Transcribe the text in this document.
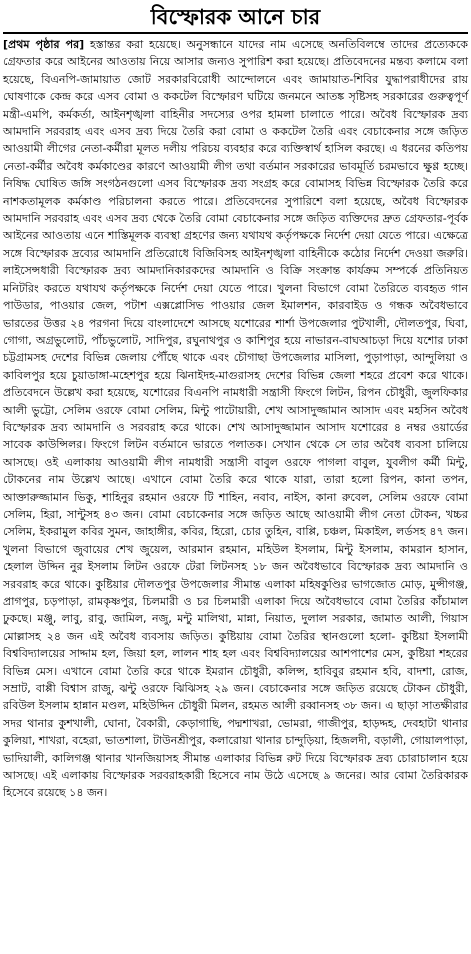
বিস্ফোরক আনে চার

[প্রথম পৃষ্ঠার পর] হস্তান্তর করা হয়েছে। অনুসন্ধানে যাদের নাম এসেছে অনতিবিলম্বে তাদের প্রত্যেককে গ্রেফতার করে আইনের আওতায় নিয়ে আসার জন্যও সুপারিশ করা হয়েছে। প্রতিবেদনের মন্তব্য কলামে বলা হয়েছে, বিএনপি-জামায়াত জোট সরকারবিরোধী আন্দোলনে এবং জামায়াত-শিবির যুদ্ধাপরাধীদের রায় ঘোষণাকে কেন্দ্র করে এসব বোমা ও ককটেল বিস্ফোরণ ঘটিয়ে জনমনে আতঙ্ক সৃষ্টিসহ সরকারের গুরুত্বপূর্ণ মন্ত্রী-এমপি, কর্মকর্তা, আইনশৃঙ্খলা বাহিনীর সদস্যের ওপর হামলা চালাতে পারে। অবৈধ বিস্ফোরক দ্রব্য আমদানি সরবরাহ এবং এসব দ্রব্য দিয়ে তৈরি করা বোমা ও ককটেল তৈরি এবং বেচাকেনার সঙ্গে জড়িত আওয়ামী লীগের নেতা-কর্মীরা মূলত দলীয় পরিচয় ব্যবহার করে ব্যক্তিস্বার্থ হাসিল করছে। এ ধরনের কতিপয় নেতা-কর্মীর অবৈধ কর্মকাণ্ডের কারণে আওয়ামী লীগ তথা বর্তমান সরকারের ভাবমূর্তি চরমভাবে ক্ষুণ্ণ হচ্ছে। নিষিদ্ধ ঘোষিত জঙ্গি সংগঠনগুলো এসব বিস্ফোরক দ্রব্য সংগ্রহ করে বোমাসহ বিভিন্ন বিস্ফোরক তৈরি করে নাশকতামূলক কর্মকাণ্ড পরিচালনা করতে পারে। প্রতিবেদনের সুপারিশে বলা হয়েছে, অবৈধ বিস্ফোরক আমদানি সরবরাহ এবং এসব দ্রব্য থেকে তৈরি বোমা বেচাকেনার সঙ্গে জড়িত ব্যক্তিদের দ্রুত গ্রেফতার-পূর্বক আইনের আওতায় এনে শাস্তিমূলক ব্যবস্থা গ্রহণের জন্য যথাযথ কর্তৃপক্ষকে নির্দেশ দেয়া যেতে পারে। এক্ষেত্রে সঙ্গে বিস্ফোরক দ্রব্যের আমদানি প্রতিরোধে বিজিবিসহ আইনশৃঙ্খলা বাহিনীকে কঠোর নির্দেশ দেওয়া জরুরি। লাইসেন্সধারী বিস্ফোরক দ্রব্য আমদানিকারকদের আমদানি ও বিক্রি সংক্রান্ত কার্যক্রম সম্পর্কে প্রতিনিয়ত মনিটরিং করতে যথাযথ কর্তৃপক্ষকে নির্দেশ দেয়া যেতে পারে। খুলনা বিভাগে বোমা তৈরিতে ব্যবহৃত গান পাউডার, পাওয়ার জেল, পটাশ এক্সপ্লোসিভ পাওয়ার জেল ইমালশন, কারবাইড ও গন্ধক অবৈধভাবে ভারতের উত্তর ২৪ পরগনা দিয়ে বাংলাদেশে আসছে যশোরের শার্শা উপজেলার পুটখালী, দৌলতপুর, ঘিবা, গোগা, অগ্রভুলোট, পাঁচভুলোট, সাদিপুর, রঘুনাথপুর ও কাশিপুর হয়ে নাভারন-বাঘআচড়া দিয়ে যশোর ঢাকা চট্টগ্রামসহ দেশের বিভিন্ন জেলায় পৌঁছে থাকে এবং চৌগাছা উপজেলার মাসিলা, পুড়াপাড়া, আন্দুলিয়া ও কাবিলপুর হয়ে চুয়াডাঙ্গা-মহেশপুর হয়ে ঝিনাইদহ-মাগুরাসহ দেশের বিভিন্ন জেলা শহরে প্রবেশ করে থাকে। প্রতিবেদনে উল্লেখ করা হয়েছে, যশোরের বিএনপি নামধারী সন্ত্রাসী ফিংগে লিটন, রিপন চৌধুরী, জুলফিকার আলী ভুট্টো, সেলিম ওরফে বোমা সেলিম, মিন্টু পাটোয়ারী, শেখ আসাদুজ্জামান আসাদ এবং মহসিন অবৈধ বিস্ফোরক দ্রব্য আমদানি ও সরবরাহ করে থাকে। শেখ আসাদুজ্জামান আসাদ যশোরের ৪ নম্বর ওয়ার্ডের সাবেক কাউন্সিলর। ফিংগে লিটন বর্তমানে ভারতে পলাতক। সেখান থেকে সে তার অবৈধ ব্যবসা চালিয়ে আসছে। ওই এলাকায় আওয়ামী লীগ নামধারী সন্ত্রাসী বাবুল ওরফে পাগলা বাবুল, যুবলীগ কর্মী মিন্টু, টোকনের নাম উল্লেখ আছে। এখানে বোমা তৈরি করে থাকে যারা, তারা হলো রিপন, কানা তপন, আক্তারুজ্জামান ভিকু, শাহিনুর রহমান ওরফে টি শাহিন, নবাব, নাইস, কানা রুবেল, সেলিম ওরফে বোমা সেলিম, হিরা, সান্টুসহ ৪৩ জন। বোমা বেচাকেনার সঙ্গে জড়িত আছে আওয়ামী লীগ নেতা টোকন, খচ্চর সেলিম, ইকরামুল কবির সুমন, জাহাঙ্গীর, কবির, হিরো, চোর তুহিন, বাপ্পি, চঞ্চল, মিকাইল, লর্ডসহ ৪৭ জন। খুলনা বিভাগে জুবায়ের শেখ জুয়েল, আরমান রহমান, মহিউল ইসলাম, মিন্টু ইসলাম, কামরান হাসান, হেলাল উদ্দিন নুর ইসলাম লিটন ওরফে টেরা লিটনসহ ১৮ জন অবৈধভাবে বিস্ফোরক দ্রব্য আমদানি ও সরবরাহ করে থাকে। কুষ্টিয়ার দৌলতপুর উপজেলার সীমান্ত এলাকা মহিষকুণ্ডির ভাগজোত মোড়, মুন্সীগঞ্জ, প্রাগপুর, চড়পাড়া, রামকৃষ্ণপুর, চিলমারী ও চর চিলমারী এলাকা দিয়ে অবৈধভাবে বোমা তৈরির কাঁচামাল ঢুকছে। মঞ্জু, লাবু, রাবু, জামিল, নজু, মন্টু মালিথা, মান্না, নিয়াত, দুলাল সরকার, জামাত আলী, গিয়াস মোল্লাসহ ২৪ জন এই অবৈধ ব্যবসায় জড়িত। কুষ্টিয়ায় বোমা তৈরির স্থানগুলো হলো- কুষ্টিয়া ইসলামী বিশ্ববিদ্যালয়ের সাদ্দাম হল, জিয়া হল, লালন শাহ হল এবং বিশ্ববিদ্যালয়ের আশপাশের মেস, কুষ্টিয়া শহরের বিভিন্ন মেস। এখানে বোমা তৈরি করে থাকে ইমরান চৌধুরী, কলিন্স, হাবিবুর রহমান হবি, বাদশা, রোজ, সম্রাট, বাপ্পী বিশ্বাস রাজু, ঝন্টু ওরফে ঝিঝিসহ ২৯ জন। বেচাকেনার সঙ্গে জড়িত রয়েছে টোকন চৌধুরী, রবিউল ইসলাম হান্নান মণ্ডল, মহিউদ্দিন চৌধুরী মিলন, রহমত আলী রব্বানসহ ৩৮ জন। এ ছাড়া সাতক্ষীরার সদর থানার কুশখালী, ঘোনা, বৈকারী, কেড়াগাছি, পদ্মশাখরা, ভোমরা, গাজীপুর, হাড়দ্দহ, দেবহাটা থানার কুলিয়া, শাখরা, বহেরা, ভাতশালা, টাউনশ্রীপুর, কলারোয়া থানার চান্দুড়িয়া, হিজলদী, বড়ালী, গোয়ালপাড়া, ভাদিয়ালী, কালিগঞ্জ থানার খানজিয়াসহ সীমান্ত এলাকার বিভিন্ন রুট দিয়ে বিস্ফোরক দ্রব্য চোরাচালান হয়ে আসছে। এই এলাকায় বিস্ফোরক সরবরাহকারী হিসেবে নাম উঠে এসেছে ৯ জনের। আর বোমা তৈরিকারক হিসেবে রয়েছে ১৪ জন।
